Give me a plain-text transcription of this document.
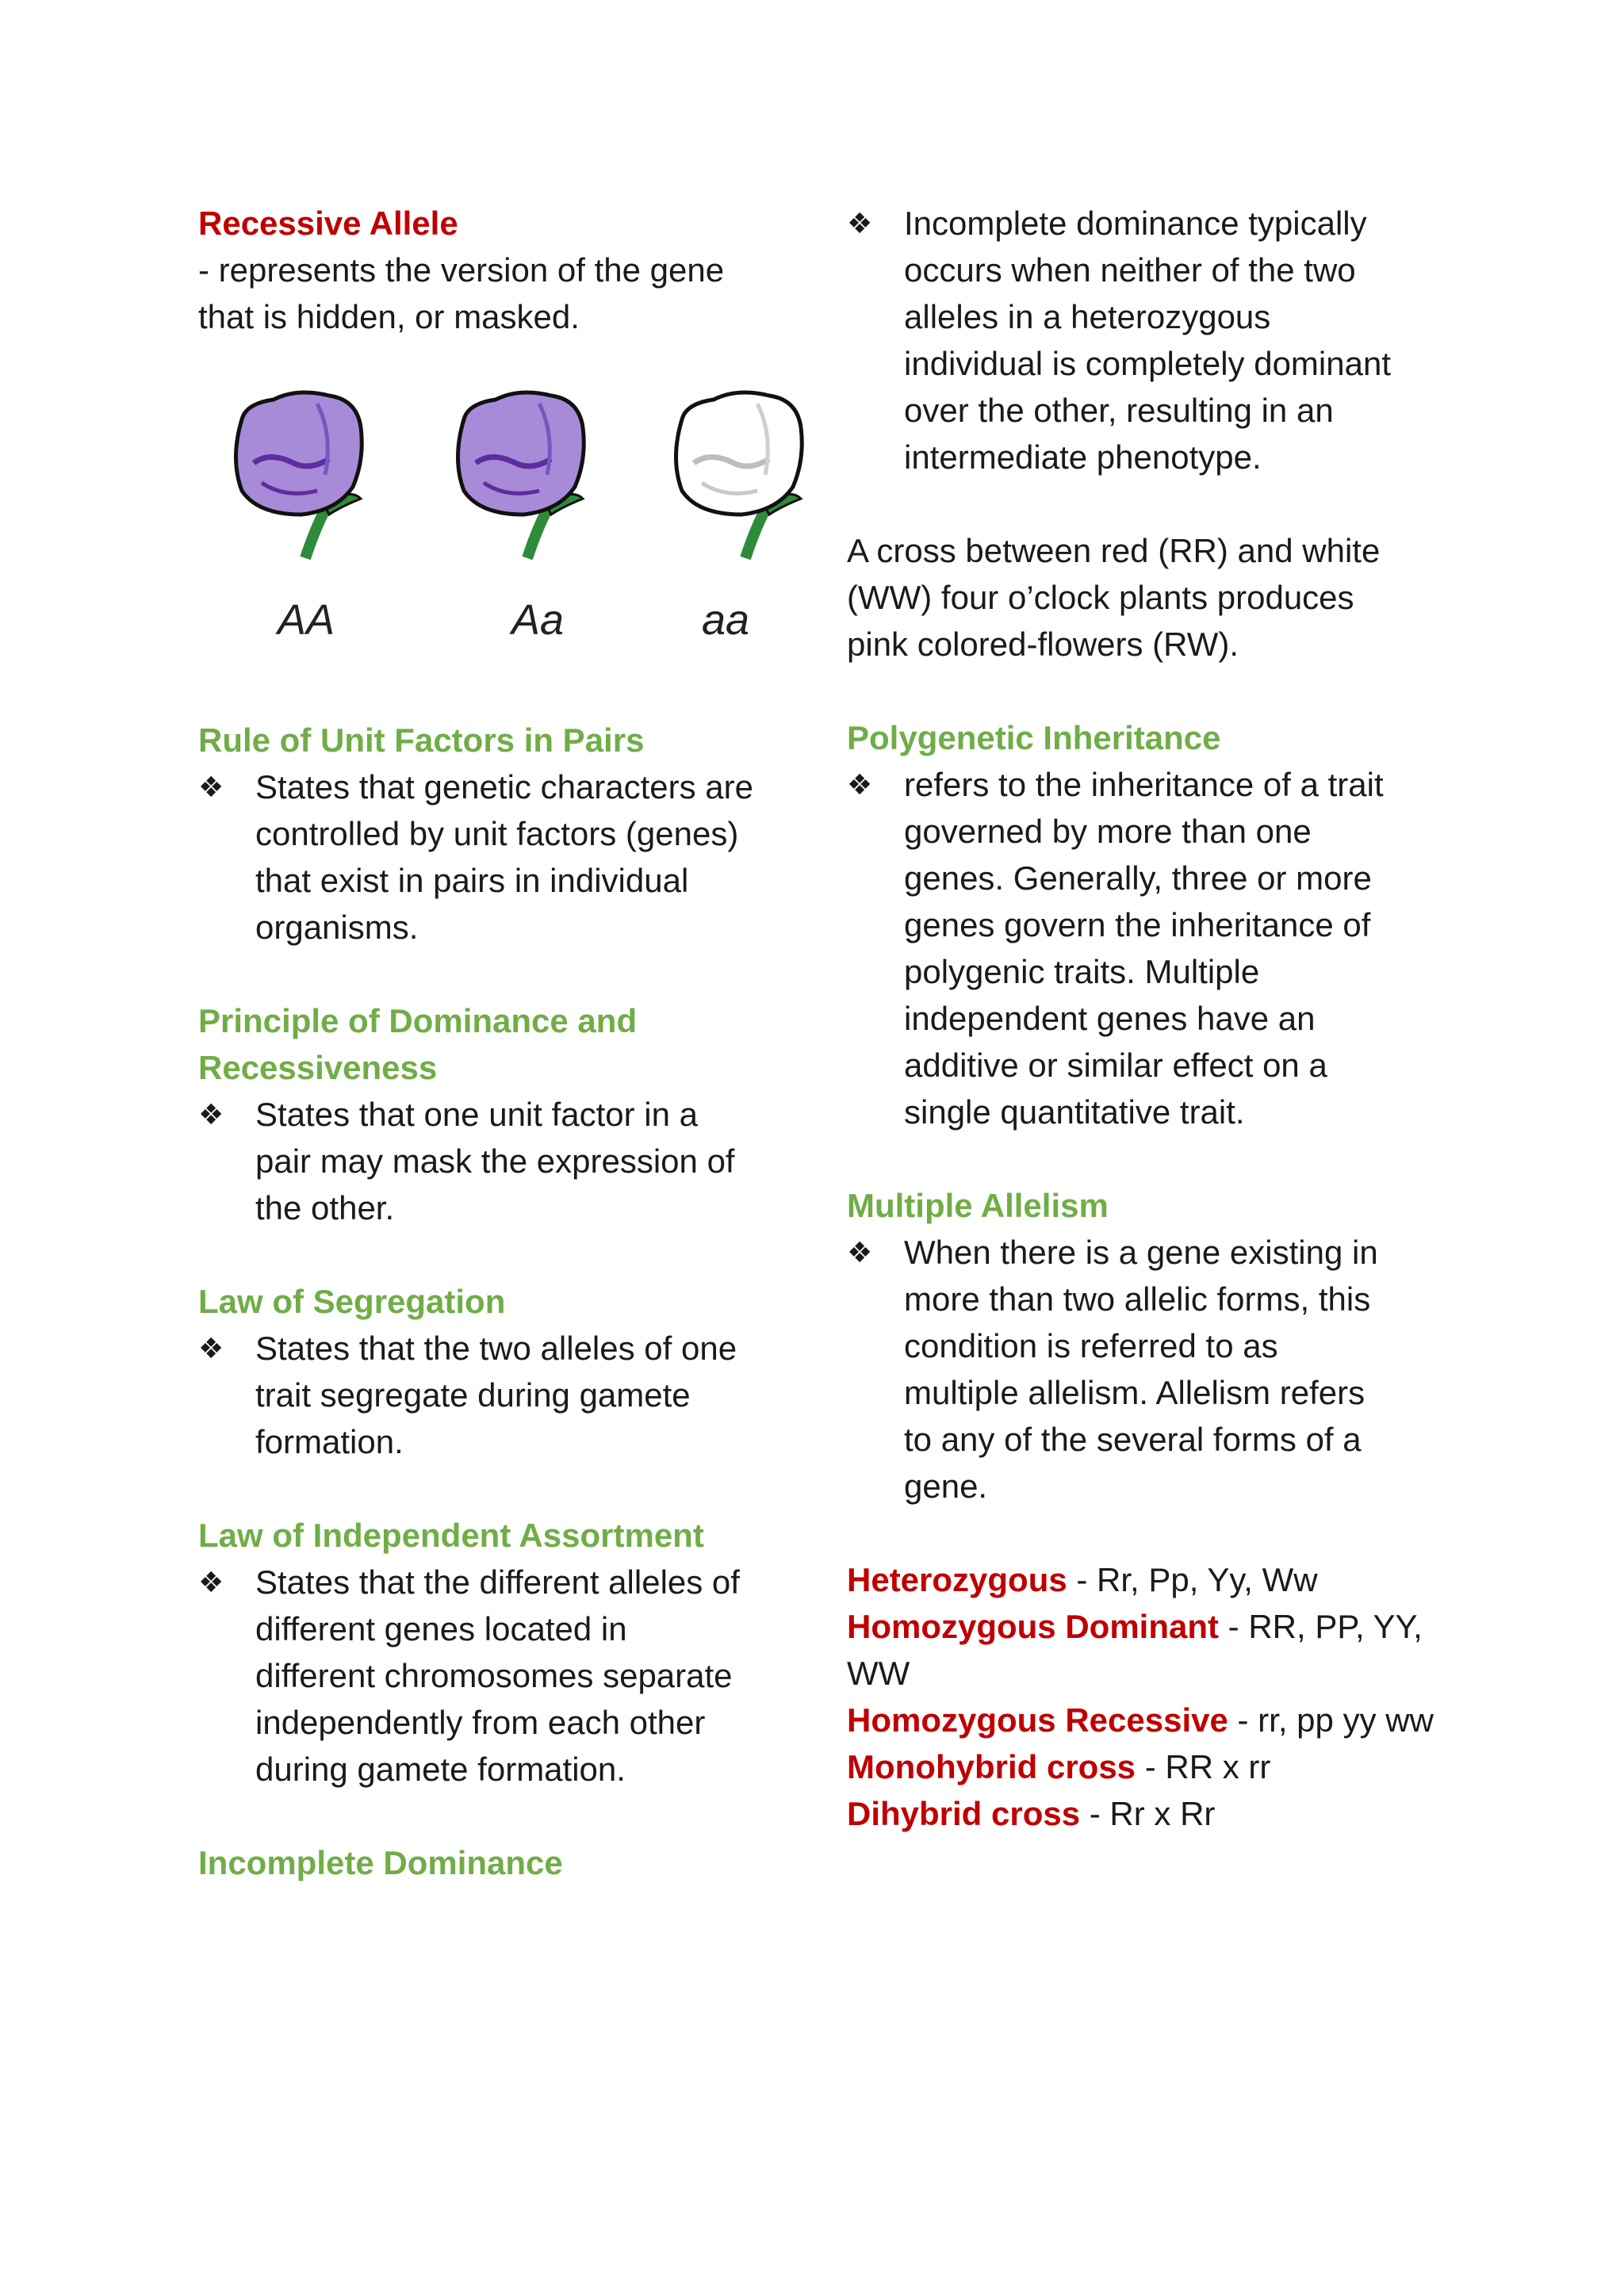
Recessive Allele

- represents the version of the gene

that is hidden, or masked.

AA	Aa	aa

Rule of Unit Factors in Pairs

❖ States that genetic characters are
controlled by unit factors (genes)
that exist in pairs in individual
organisms.

Principle of Dominance and

Recessiveness

❖ States that one unit factor in a
pair may mask the expression of
the other.

Law of Segregation

❖ States that the two alleles of one
trait segregate during gamete
formation.

Law of Independent Assortment

❖ States that the different alleles of
different genes located in
different chromosomes separate
independently from each other
during gamete formation.

Incomplete Dominance

❖ Incomplete dominance typically
occurs when neither of the two
alleles in a heterozygous
individual is completely dominant
over the other, resulting in an
intermediate phenotype.

A cross between red (RR) and white

(WW) four o’clock plants produces

pink colored-flowers (RW).

Polygenetic Inheritance

❖ refers to the inheritance of a trait
governed by more than one
genes. Generally, three or more
genes govern the inheritance of
polygenic traits. Multiple
independent genes have an
additive or similar effect on a
single quantitative trait.

Multiple Allelism

❖ When there is a gene existing in
more than two allelic forms, this
condition is referred to as
multiple allelism. Allelism refers
to any of the several forms of a
gene.

Heterozygous - Rr, Pp, Yy, Ww

Homozygous Dominant - RR, PP, YY,

WW

Homozygous Recessive - rr, pp yy ww

Monohybrid cross - RR x rr

Dihybrid cross - Rr x Rr
